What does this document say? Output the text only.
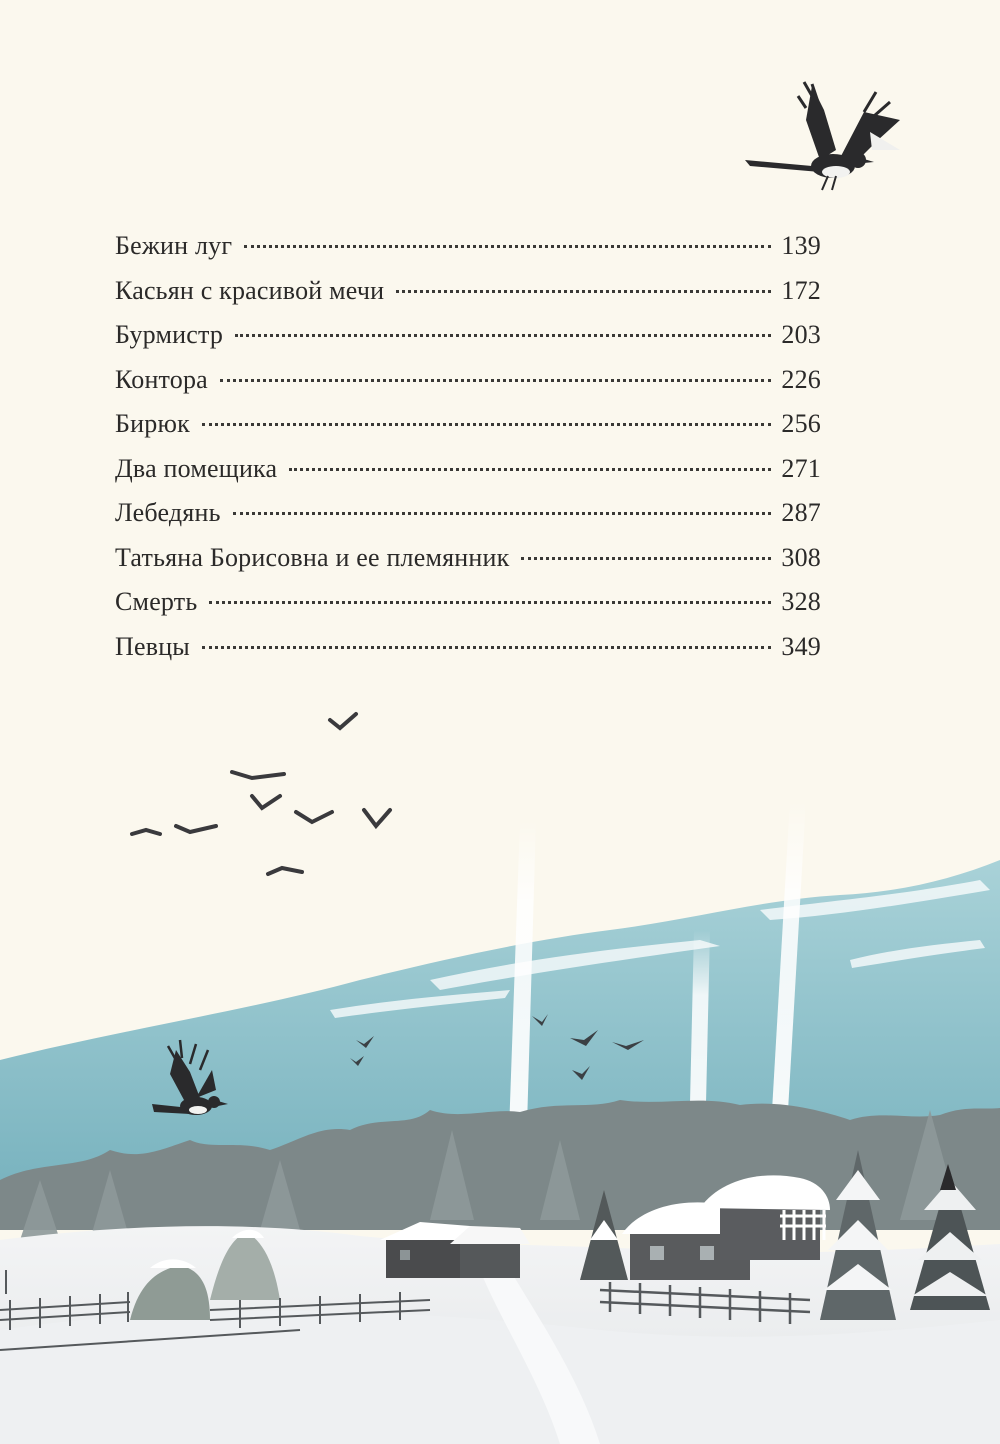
Бежин луг	139
Касьян с красивой мечи	172
Бурмистр	203
Контора	226
Бирюк	256
Два помещика	271
Лебедянь	287
Татьяна Борисовна и ее племянник	308
Смерть	328
Певцы	349
